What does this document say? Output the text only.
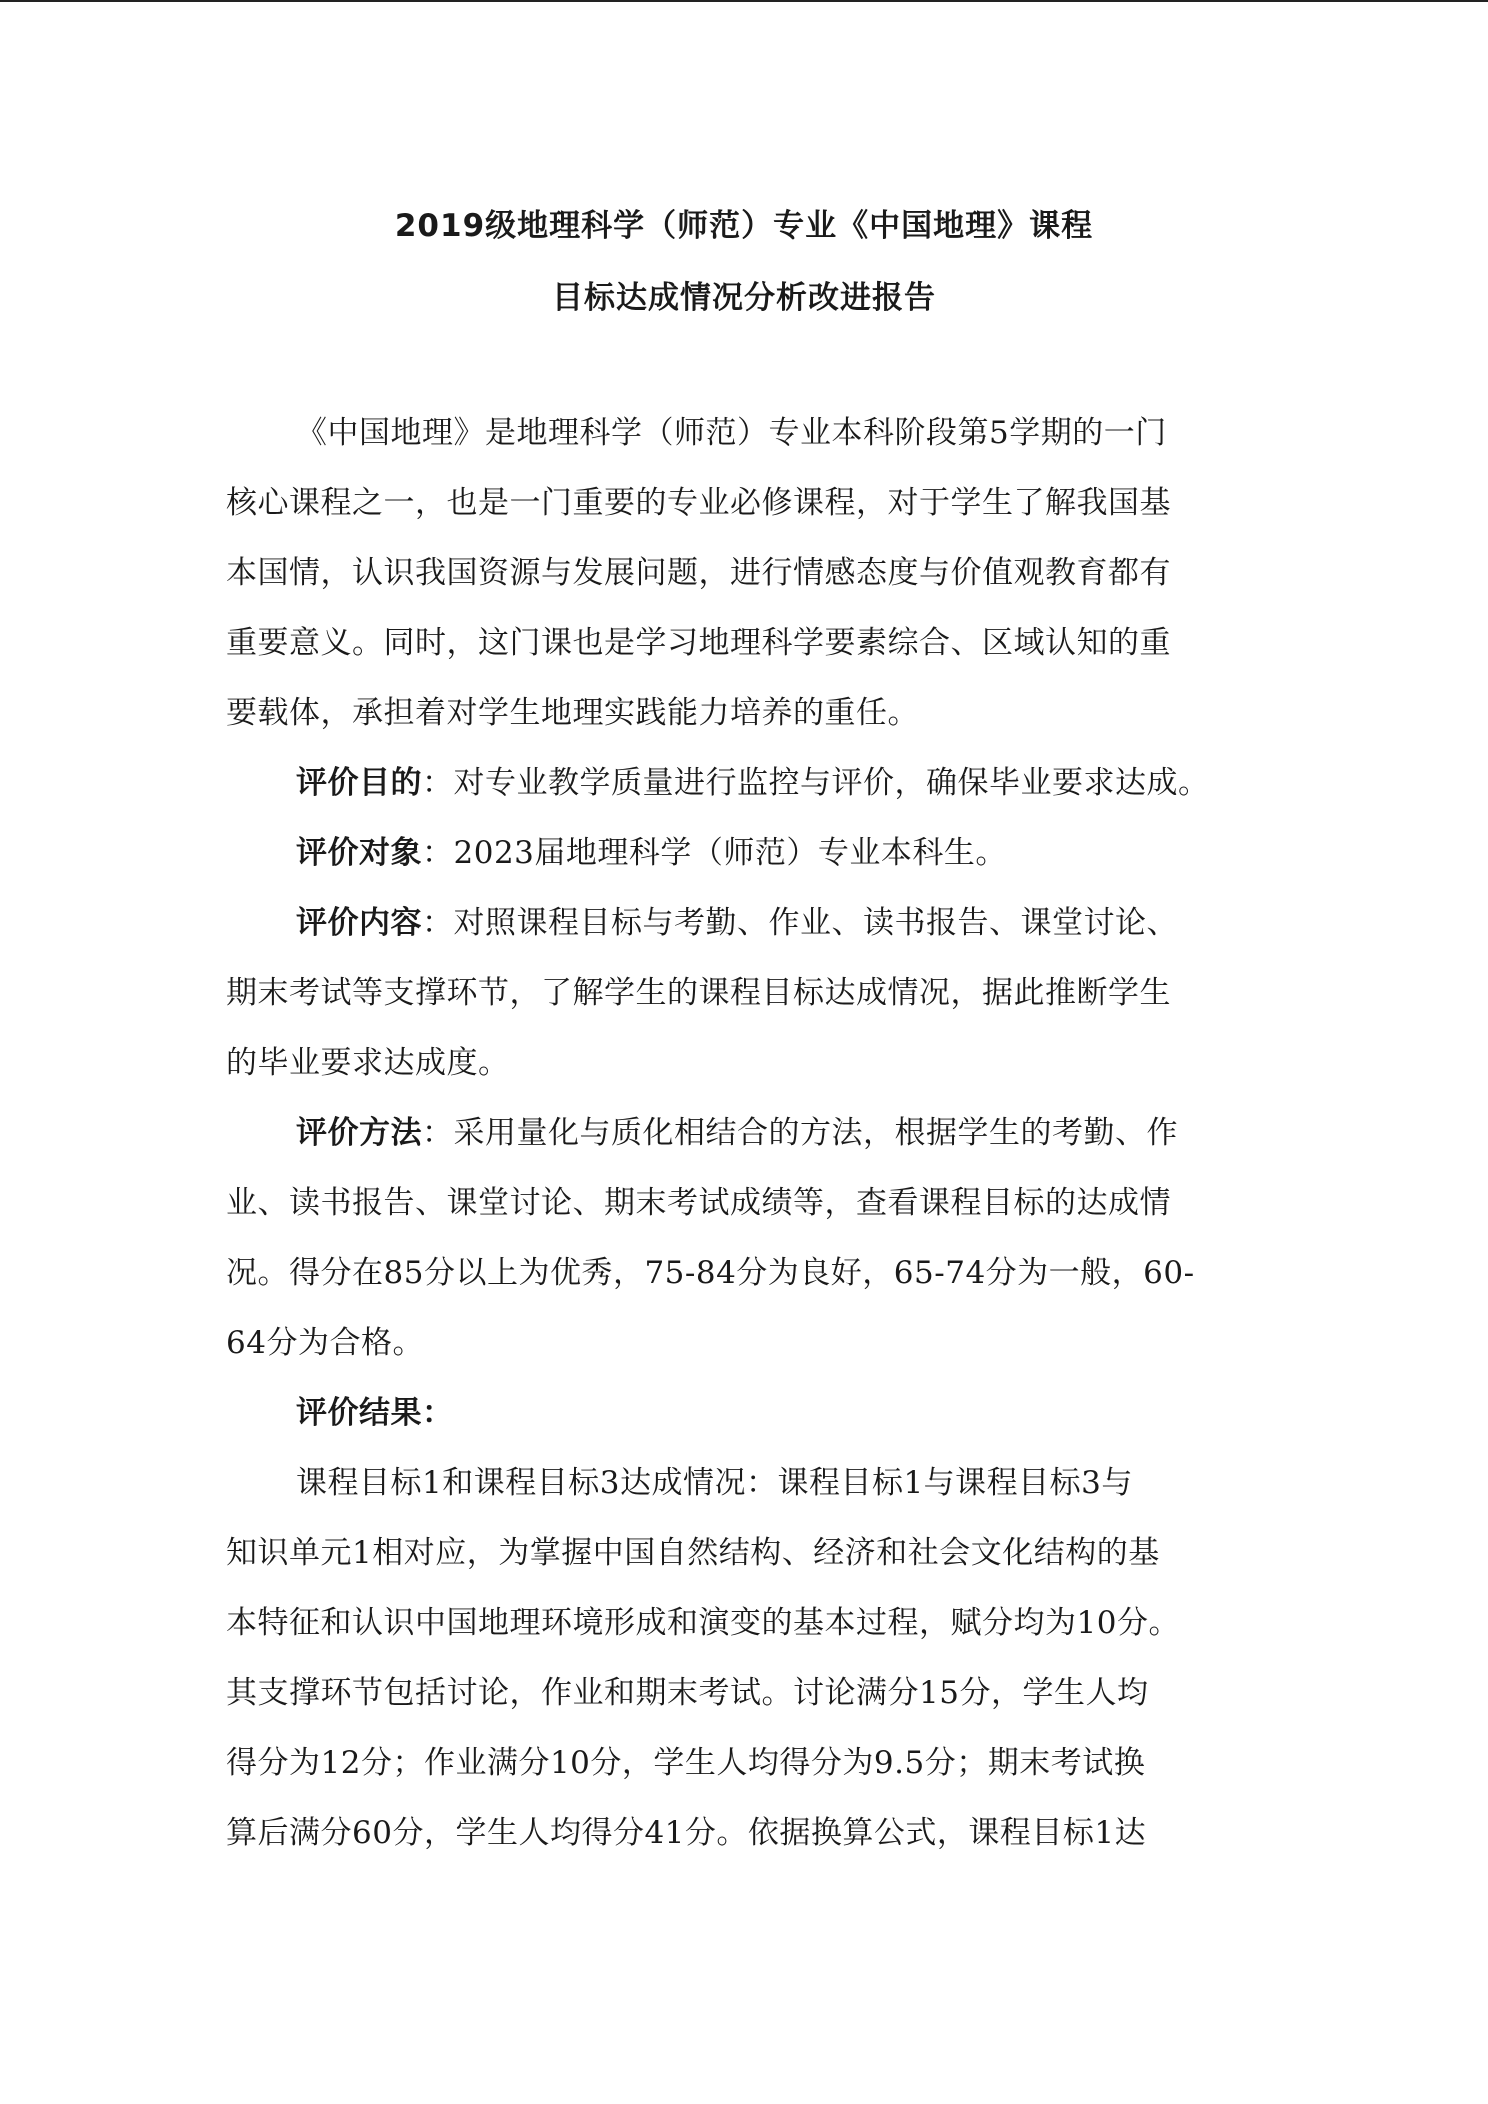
2019级地理科学（师范）专业《中国地理》课程
目标达成情况分析改进报告
《中国地理》是地理科学（师范）专业本科阶段第5学期的一门
核心课程之一，也是一门重要的专业必修课程，对于学生了解我国基
本国情，认识我国资源与发展问题，进行情感态度与价值观教育都有
重要意义。同时，这门课也是学习地理科学要素综合、区域认知的重
要载体，承担着对学生地理实践能力培养的重任。
评价目的：对专业教学质量进行监控与评价，确保毕业要求达成。
评价对象：2023届地理科学（师范）专业本科生。
评价内容：对照课程目标与考勤、作业、读书报告、课堂讨论、
期末考试等支撑环节，了解学生的课程目标达成情况，据此推断学生
的毕业要求达成度。
评价方法：采用量化与质化相结合的方法，根据学生的考勤、作
业、读书报告、课堂讨论、期末考试成绩等，查看课程目标的达成情
况。得分在85分以上为优秀，75-84分为良好，65-74分为一般，60-
64分为合格。
评价结果：
课程目标1和课程目标3达成情况：课程目标1与课程目标3与
知识单元1相对应，为掌握中国自然结构、经济和社会文化结构的基
本特征和认识中国地理环境形成和演变的基本过程，赋分均为10分。
其支撑环节包括讨论，作业和期末考试。讨论满分15分，学生人均
得分为12分；作业满分10分，学生人均得分为9.5分；期末考试换
算后满分60分，学生人均得分41分。依据换算公式，课程目标1达
